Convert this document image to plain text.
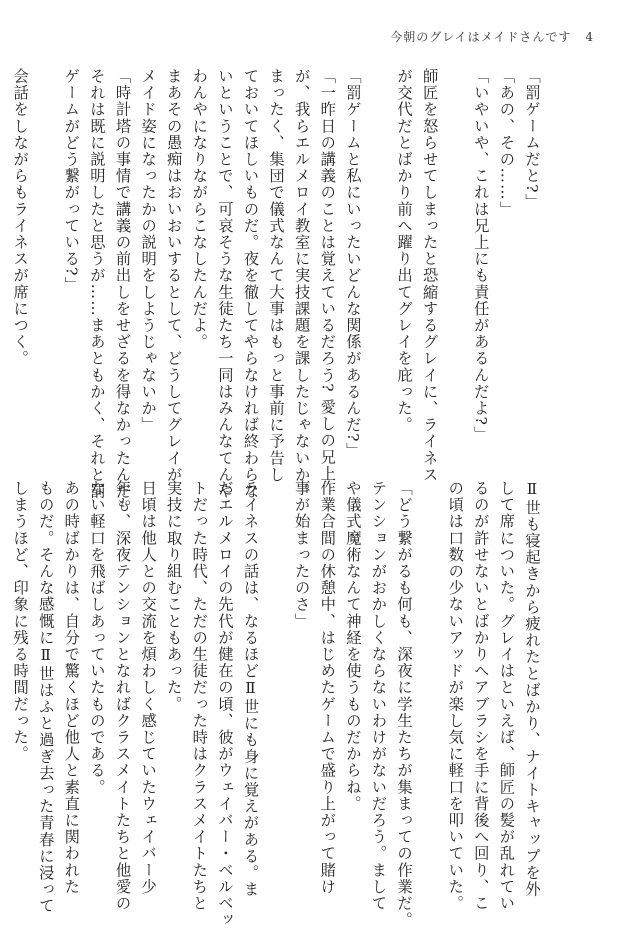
今朝のグレイはメイドさんです 4
「罰ゲームだと?」
「あの、その……」
「いやいや、これは兄上にも責任があるんだよ?」

師匠を怒らせてしまったと恐縮するグレイに、ライネス
が交代だとばかり前へ躍り出てグレイを庇った。

「罰ゲームと私にいったいどんな関係があるんだ?」
「一昨日の講義のことは覚えているだろう? 愛しの兄上
が、我らエルメロイ教室に実技課題を課したじゃないか。
まったく、集団で儀式なんて大事はもっと事前に予告し
ておいてほしいものだ。夜を徹してやらなければ終わらな
いということで、可哀そうな生徒たち一同はみんなてんや
わんやになりながらこなしたんだよ。
まあその愚痴はおいおいするとして、どうしてグレイが
メイド姿になったかの説明をしようじゃないか」
「時計塔の事情で講義の前出しをせざるを得なかったんだ。
それは既に説明したと思うが……まあともかく、それと罰
ゲームがどう繋がっている?」

会話をしながらもライネスが席につく。
Ⅱ世も寝起きから疲れたとばかり、ナイトキャップを外
して席についた。グレイはといえば、師匠の髪が乱れてい
るのが許せないとばかりへアブラシを手に背後へ回り、こ
の頃は口数の少ないアッドが楽し気に軽口を叩いていた。

「どう繋がるも何も、深夜に学生たちが集まっての作業だ。
テンションがおかしくならないわけがないだろう。まして
や儀式魔術なんて神経を使うものだからね。
作業合間の休憩中、はじめたゲームで盛り上がって賭け
事が始まったのさ」

ライネスの話は、なるほどⅡ世にも身に覚えがある。ま
だエルメロイの先代が健在の頃、彼がウェイバー・ベルベッ
トだった時代、ただの生徒だった時はクラスメイトたちと
実技に取り組むこともあった。
日頃は他人との交流を煩わしく感じていたウェイバー少
年も、深夜テンションとなればクラスメイトたちと他愛の
ない軽口を飛ばしあっていたものである。
あの時ばかりは、自分で驚くほど他人と素直に関われた
ものだ。そんな感慨にⅡ世はふと過ぎ去った青春に浸って
しまうほど、印象に残る時間だった。
